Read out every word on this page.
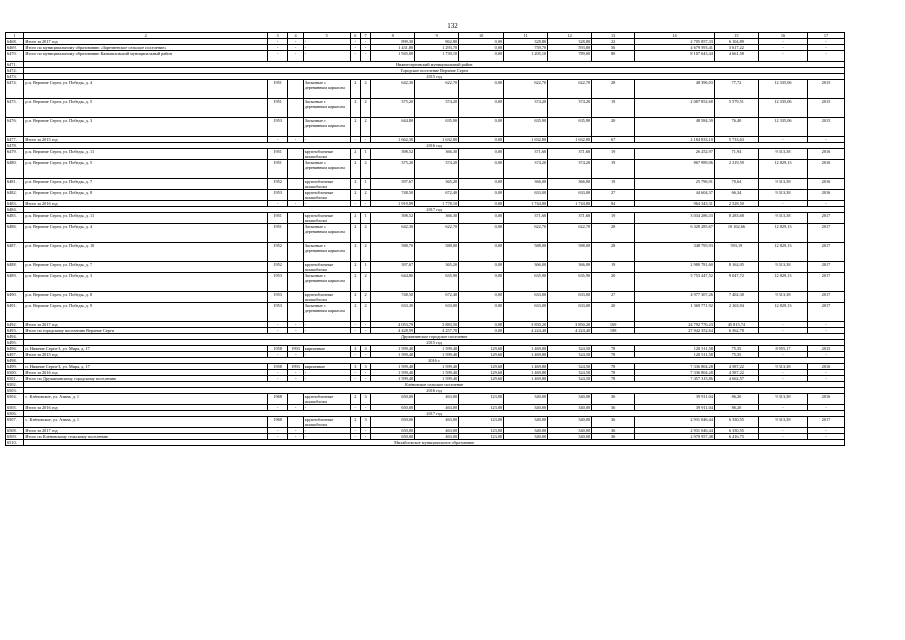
132
1	2	3	4	5	6	7	8	9	10	11	12	13	14	15	16	17
6468.	Итого за 2017 год	-	-	-	-	-	899,30	862,80	0,00	328,80	328,80	22	2 705 857,33	6 104,89	-	-
6469.	Итого по муниципальному образованию «Заречненское сельское поселение»	-	-	-	-	-	1 431,80	1 293,70	0,00	759,70	593,80	56	4 679 593,41	3 617,22	-	-
6470.	Итого по муниципальному образованию Камышловский муниципальный район	-	-	-	-	-	1 945,00	1 739,10	0,00	1 205,10	789,00	80	8 107 643,44	4 661,58	-	-
6471.	Нижнесергинский муниципальный район															
6472.	Городское поселение Верхние Серги															
6473.	2015 год															
6474.	р.п. Верхние Серги, ул. Победы, д. 4	1951		Засыпные с деревянным каркасом	2	2	642,30	622,70	0,00	622,70	622,70	28	48 396,03	77,72	12 335,06	2015
6475.	р.п. Верхние Серги, ул. Победы, д. 5	1951		Засыпные с деревянным каркасом	2	2	375,20	374,20	0,00	374,20	374,20	19	2 087 852,68	5 579,51	12 335,06	2015
6476.	р.п. Верхние Серги, ул. Победы, д. 3	1953		Засыпные с деревянным каркасом	2	2	644,80	635,90	0,00	635,90	635,90	20	48 584,39	76,40	12 335,06	2015
6477.	Итого за 2015 год	-	-	-	-	-	1 662,30	1 632,80	0,00	1 632,80	1 632,80	67	2 184 833,10	5 733,63	-	-
6478.	2016 год															
6479.	р.п. Верхние Серги, ул. Победы, д. 11	1951		крупноблочные шлакоблоки	2	1	398,52	366,30	0,00	371,60	371,60	19	26 252,97	71,94	9 313,38	2016
6480.	р.п. Верхние Серги, ул. Победы, д. 5	1951		Засыпные с деревянным каркасом	2	2	375,20	374,20	0,00	374,20	374,20	19	867 989,06	2 319,59	12 829,13	2016
6481.	р.п. Верхние Серги, ул. Победы, д. 7	1952		крупноблочные шлакоблоки	2	1	397,67	365,20	0,00	366,00	366,00	19	25 796,91	70,64	9 313,38	2016
6482.	р.п. Верхние Серги, ул. Победы, д. 8	1953		крупноблочные шлакоблоки	2	2	748,50	672,40	0,00	633,00	633,00	27	44 604,37	66,34	9 313,38	2016
6483.	Итого за 2016 год	-	-	-	-	-	1 919,89	1 778,10	0,00	1 744,80	1 744,80	84	964 343,31	2 528,50	-	-
6484.	2017 год															
6485.	р.п. Верхние Серги, ул. Победы, д. 11	1951		крупноблочные шлакоблоки	2	1	398,52	366,30	0,00	371,60	371,60	19	3 034 286,33	8 283,68	9 313,38	2017
6486.	р.п. Верхние Серги, ул. Победы, д. 4	1951		Засыпные с деревянным каркасом	2	2	642,30	622,70	0,00	622,70	622,70	28	6 328 285,67	10 162,66	12 829,13	2017
6487.	р.п. Верхние Серги, ул. Победы, д. 10	1952		Засыпные с деревянным каркасом	2	2	588,70	588,00	0,00	588,00	588,00	28	348 795,93	593,19	12 829,13	2017
6488.	р.п. Верхние Серги, ул. Победы, д. 7	1952		крупноблочные шлакоблоки	2	1	397,67	365,20	0,00	366,00	366,00	19	2 980 781,60	8 162,05	9 313,38	2017
6489.	р.п. Верхние Серги, ул. Победы, д. 3	1953		Засыпные с деревянным каркасом	2	2	644,80	635,90	0,00	635,90	635,90	20	5 753 447,52	9 047,72	12 829,13	2017
6490.	р.п. Верхние Серги, ул. Победы, д. 8	1953		крупноблочные шлакоблоки	2	2	748,50	672,40	0,00	633,00	633,00	27	4 977 307,26	7 402,30	9 313,38	2017
6491.	р.п. Верхние Серги, ул. Победы, д. 9	1953		Засыпные с деревянным каркасом	2	2	633,30	633,00	0,00	633,00	633,00	20	1 369 771,92	2 163,94	12 829,13	2017
6492.	Итого за 2017 год	-	-	-	-	-	4 053,79	3 883,50	0,00	3 850,20	3 850,20	169	24 792 776,23	45 815,74	-	-
6493.	Итого по городскому поселению Верхние Серги	-	-	-	-	-	4 428,99	4 257,70	0,00	4 224,40	4 224,40	188	27 942 352,64	6 562,78	-	-
6494.	Дружининское городское поселение															
6495.	2015 год															
6496.	п. Нижние Серги-3, ул. Мира, д. 17	1958	1993	кирпичные	3	3	1 599,40	1 599,40	129,60	1 469,80	324,50	78	120 511,58	75,35	8 955,17	2015
6497.	Итого за 2015 год	-	-	-	-	-	1 599,40	1 599,40	129,60	1 469,80	324,50	78	120 511,58	75,35	-	-
6498.	2016 г.															
6499.	п. Нижние Серги-3, ул. Мира, д. 17	1958	1993	кирпичные	3	3	1 599,40	1 599,40	129,60	1 469,80	324,50	78	7 336 804,28	4 587,22	9 313,38	2016
6500.	Итого за 2016 год	-	-	-	-	-	1 599,40	1 599,40	129,60	1 469,80	324,50	78	7 336 804,28	4 587,22	-	-
6501.	Итого по Дружининскому городскому поселению	-	-	-	-	-	1 599,40	1 599,40	129,60	1 469,80	324,50	78	7 457 315,86	4 662,57	-	-
6502.	Клёновское сельское поселение															
6503.	2016 год															
6504.	с. Клёновское, ул. Азина, д. 1	1968		крупноблочные шлакоблоки	2	3	650,00	463,00	123,00	340,00	340,00	36	39 911,04	86,20	9 313,38	2016
6505.	Итого за 2016 год	-	-	-	-	-	650,00	463,00	123,00	340,00	340,00	36	39 911,04	86,20	-	-
6506.	2017 год															
6507.	с. Клёновское, ул. Азина, д. 1	1968		крупноблочные шлакоблоки	2	3	650,00	463,00	123,00	340,00	340,00	36	2 931 046,44	6 330,55	9 313,38	2017
6508.	Итого за 2017 год	-	-	-	-	-	650,00	463,00	123,00	340,00	340,00	36	2 931 046,44	6 330,55	-	-
6509.	Итого по Клёновскому сельскому поселению	-	-	-	-	-	650,00	463,00	123,00	340,00	340,00	36	2 970 957,48	6 416,75	-	-
6510.	Михайловское муниципальное образование															
